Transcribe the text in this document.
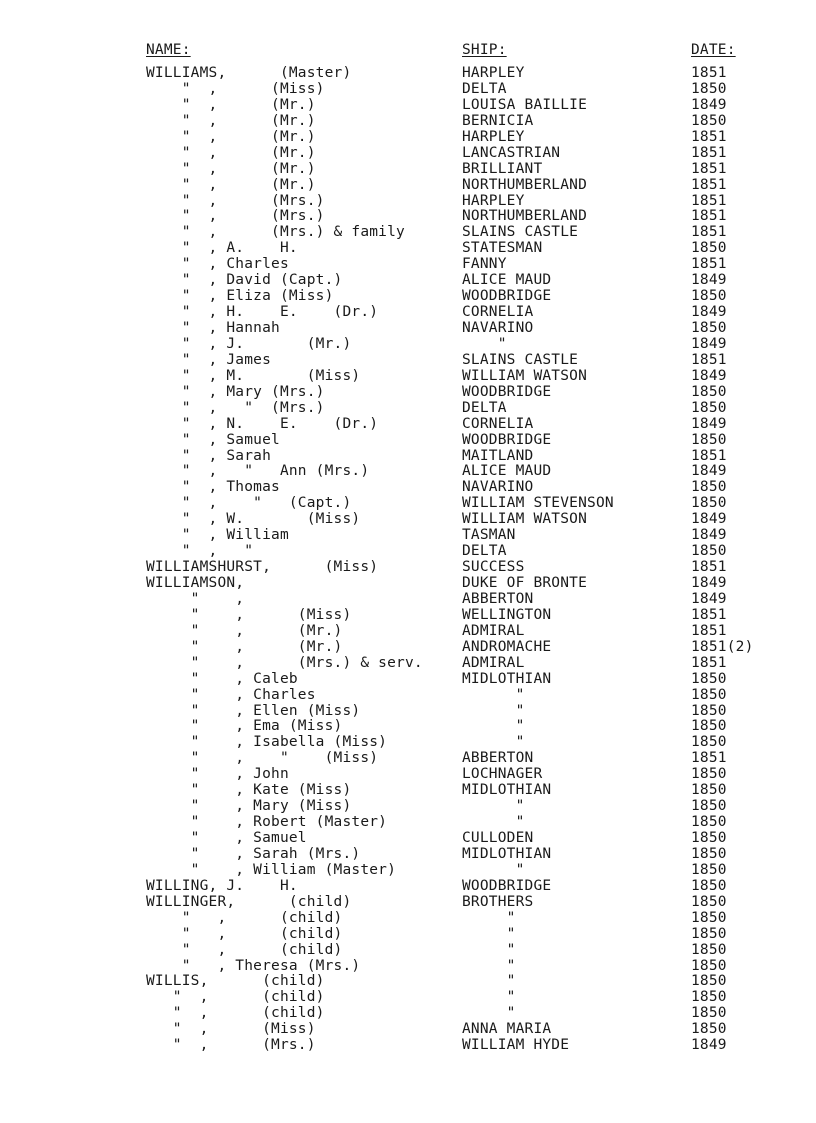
NAME:	SHIP:	DATE:
WILLIAMS,      (Master)	HARPLEY	1851
"  ,      (Miss)	DELTA	1850
"  ,      (Mr.)	LOUISA BAILLIE	1849
"  ,      (Mr.)	BERNICIA	1850
"  ,      (Mr.)	HARPLEY	1851
"  ,      (Mr.)	LANCASTRIAN	1851
"  ,      (Mr.)	BRILLIANT	1851
"  ,      (Mr.)	NORTHUMBERLAND	1851
"  ,      (Mrs.)	HARPLEY	1851
"  ,      (Mrs.)	NORTHUMBERLAND	1851
"  ,      (Mrs.) & family	SLAINS CASTLE	1851
"  , A.    H.	STATESMAN	1850
"  , Charles	FANNY	1851
"  , David (Capt.)	ALICE MAUD	1849
"  , Eliza (Miss)	WOODBRIDGE	1850
"  , H.    E.    (Dr.)	CORNELIA	1849
"  , Hannah	NAVARINO	1850
"  , J.       (Mr.)	"	1849
"  , James	SLAINS CASTLE	1851
"  , M.       (Miss)	WILLIAM WATSON	1849
"  , Mary (Mrs.)	WOODBRIDGE	1850
"  ,   "  (Mrs.)	DELTA	1850
"  , N.    E.    (Dr.)	CORNELIA	1849
"  , Samuel	WOODBRIDGE	1850
"  , Sarah	MAITLAND	1851
"  ,   "   Ann (Mrs.)	ALICE MAUD	1849
"  , Thomas	NAVARINO	1850
"  ,    "   (Capt.)	WILLIAM STEVENSON	1850
"  , W.       (Miss)	WILLIAM WATSON	1849
"  , William	TASMAN	1849
"  ,   "	DELTA	1850
WILLIAMSHURST,      (Miss)	SUCCESS	1851
WILLIAMSON,	DUKE OF BRONTE	1849
"    ,	ABBERTON	1849
"    ,      (Miss)	WELLINGTON	1851
"    ,      (Mr.)	ADMIRAL	1851
"    ,      (Mr.)	ANDROMACHE	1851(2)
"    ,      (Mrs.) & serv.	ADMIRAL	1851
"    , Caleb	MIDLOTHIAN	1850
"    , Charles	"	1850
"    , Ellen (Miss)	"	1850
"    , Ema (Miss)	"	1850
"    , Isabella (Miss)	"	1850
"    ,    "    (Miss)	ABBERTON	1851
"    , John	LOCHNAGER	1850
"    , Kate (Miss)	MIDLOTHIAN	1850
"    , Mary (Miss)	"	1850
"    , Robert (Master)	"	1850
"    , Samuel	CULLODEN	1850
"    , Sarah (Mrs.)	MIDLOTHIAN	1850
"    , William (Master)	"	1850
WILLING, J.    H.	WOODBRIDGE	1850
WILLINGER,      (child)	BROTHERS	1850
"   ,      (child)	"	1850
"   ,      (child)	"	1850
"   ,      (child)	"	1850
"   , Theresa (Mrs.)	"	1850
WILLIS,      (child)	"	1850
"  ,      (child)	"	1850
"  ,      (child)	"	1850
"  ,      (Miss)	ANNA MARIA	1850
"  ,      (Mrs.)	WILLIAM HYDE	1849
